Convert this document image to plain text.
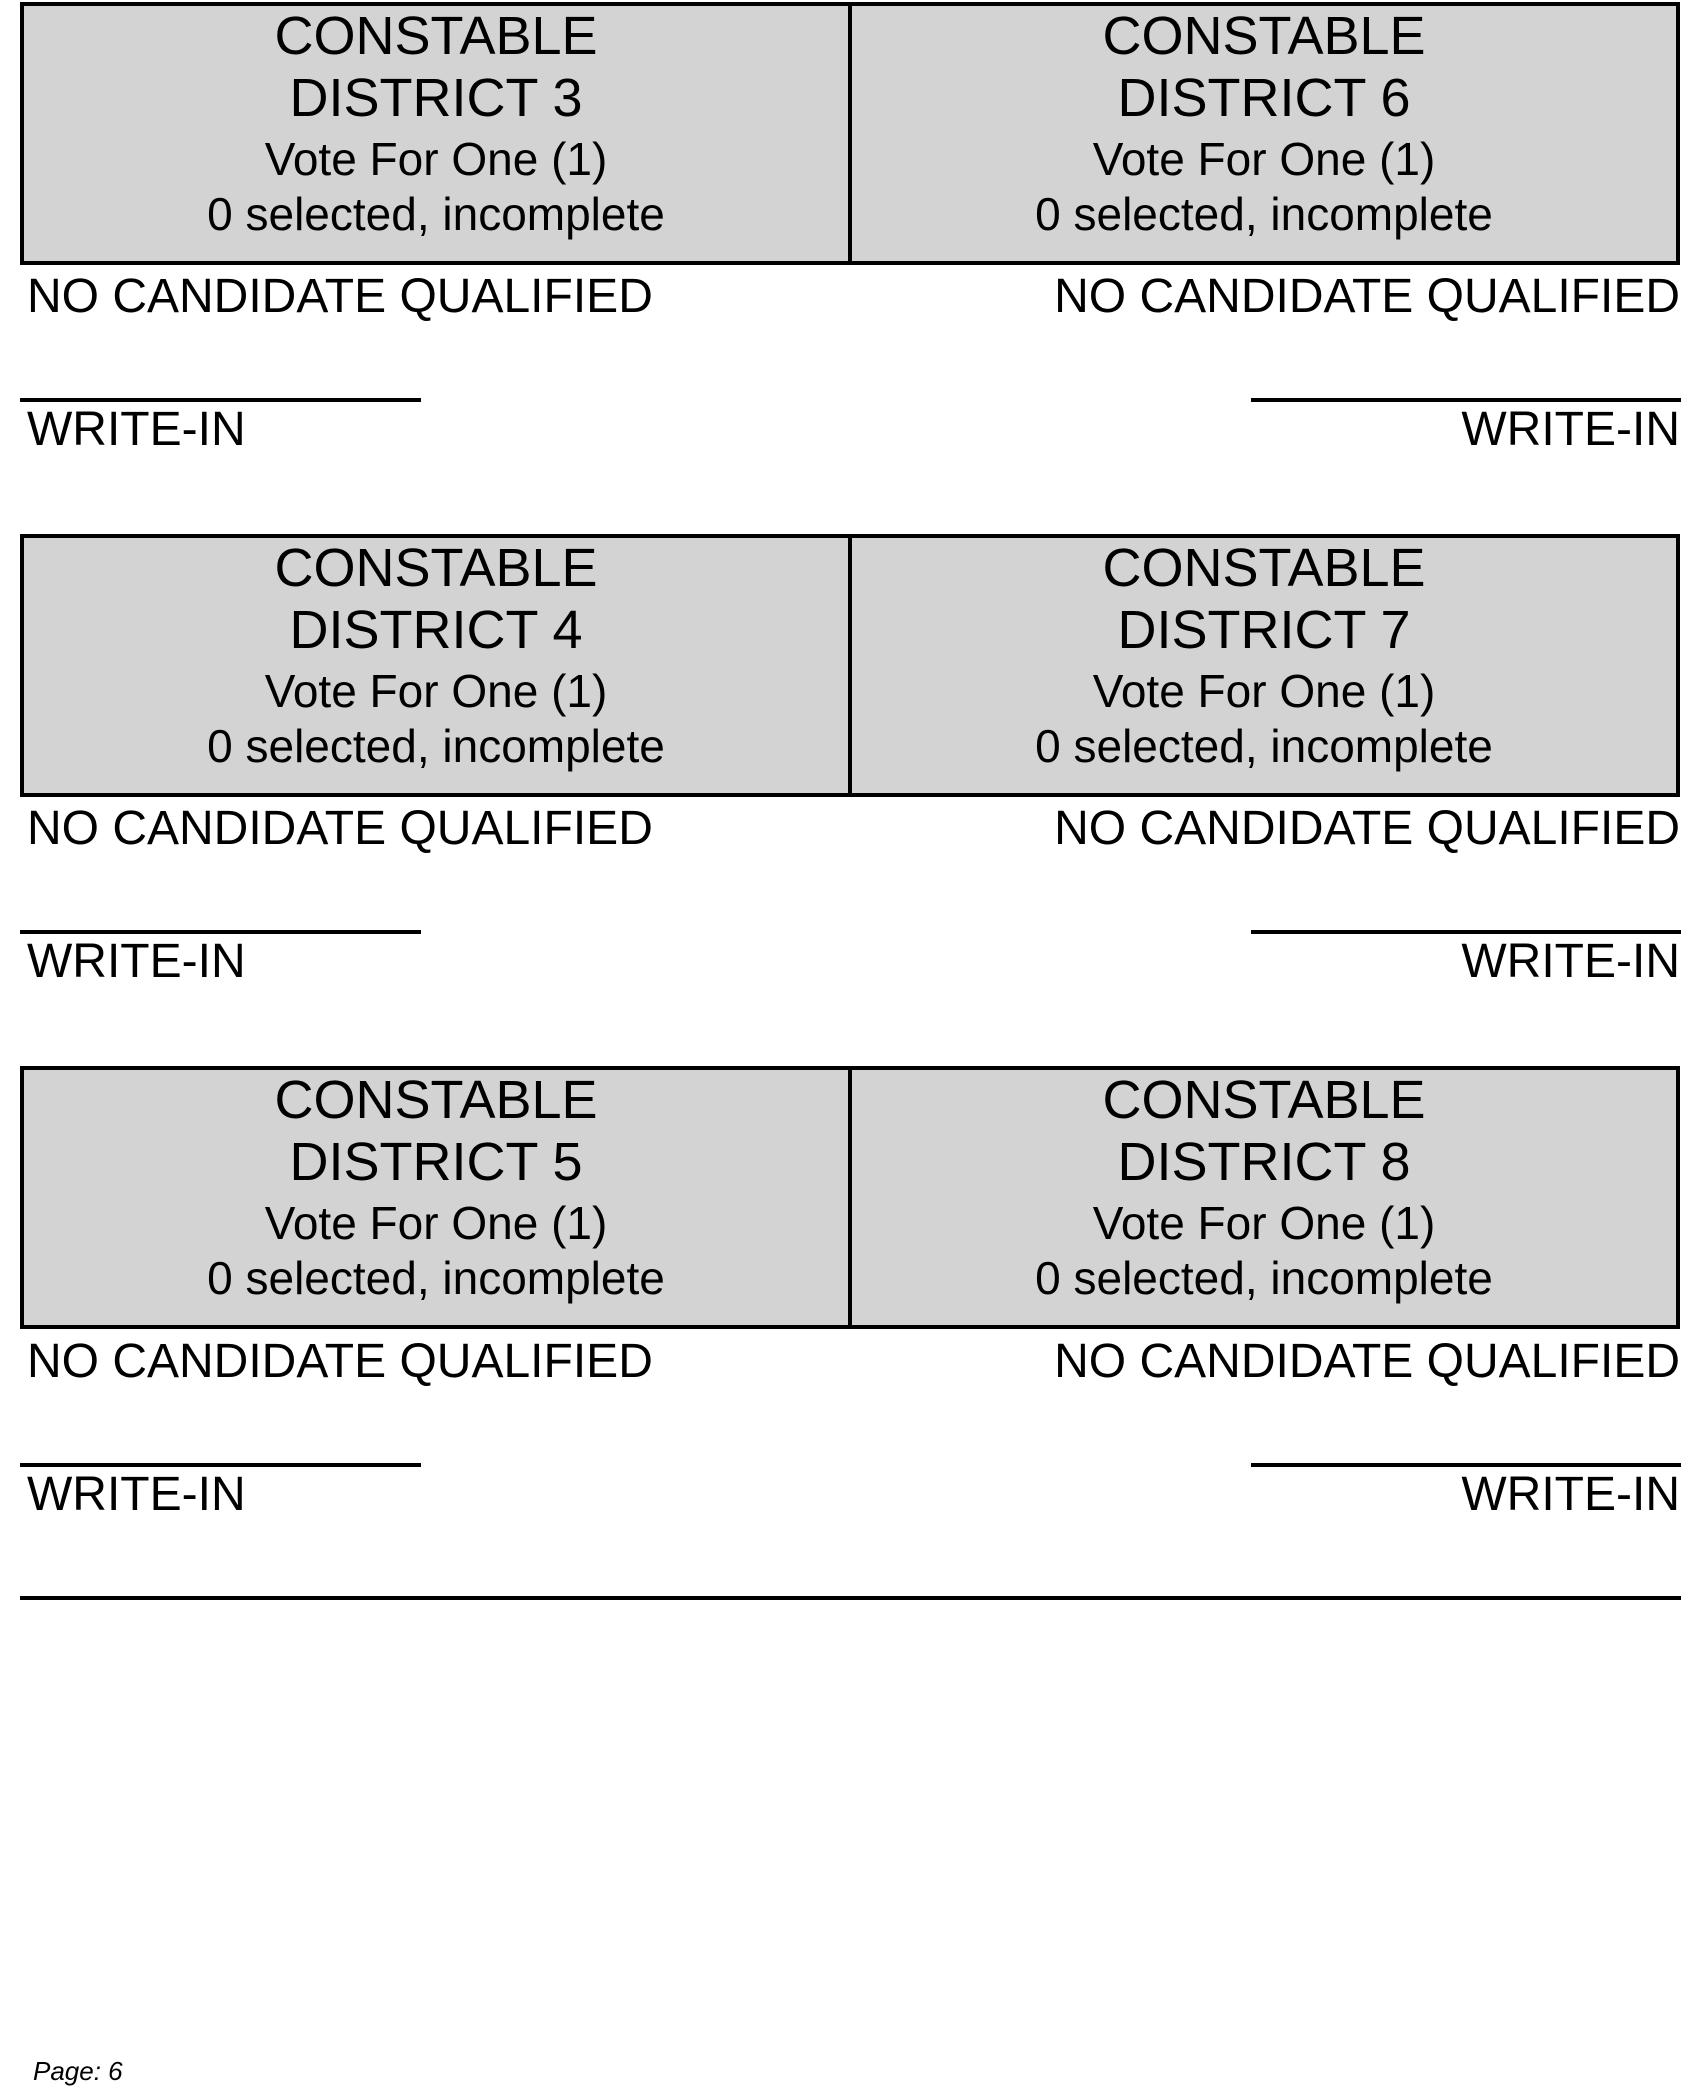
CONSTABLE
DISTRICT 3
Vote For One (1)
0 selected, incomplete
CONSTABLE
DISTRICT 6
Vote For One (1)
0 selected, incomplete
NO CANDIDATE QUALIFIED	NO CANDIDATE QUALIFIED
WRITE-IN	WRITE-IN
CONSTABLE
DISTRICT 4
Vote For One (1)
0 selected, incomplete
CONSTABLE
DISTRICT 7
Vote For One (1)
0 selected, incomplete
NO CANDIDATE QUALIFIED	NO CANDIDATE QUALIFIED
WRITE-IN	WRITE-IN
CONSTABLE
DISTRICT 5
Vote For One (1)
0 selected, incomplete
CONSTABLE
DISTRICT 8
Vote For One (1)
0 selected, incomplete
NO CANDIDATE QUALIFIED	NO CANDIDATE QUALIFIED
WRITE-IN	WRITE-IN
Page: 6
